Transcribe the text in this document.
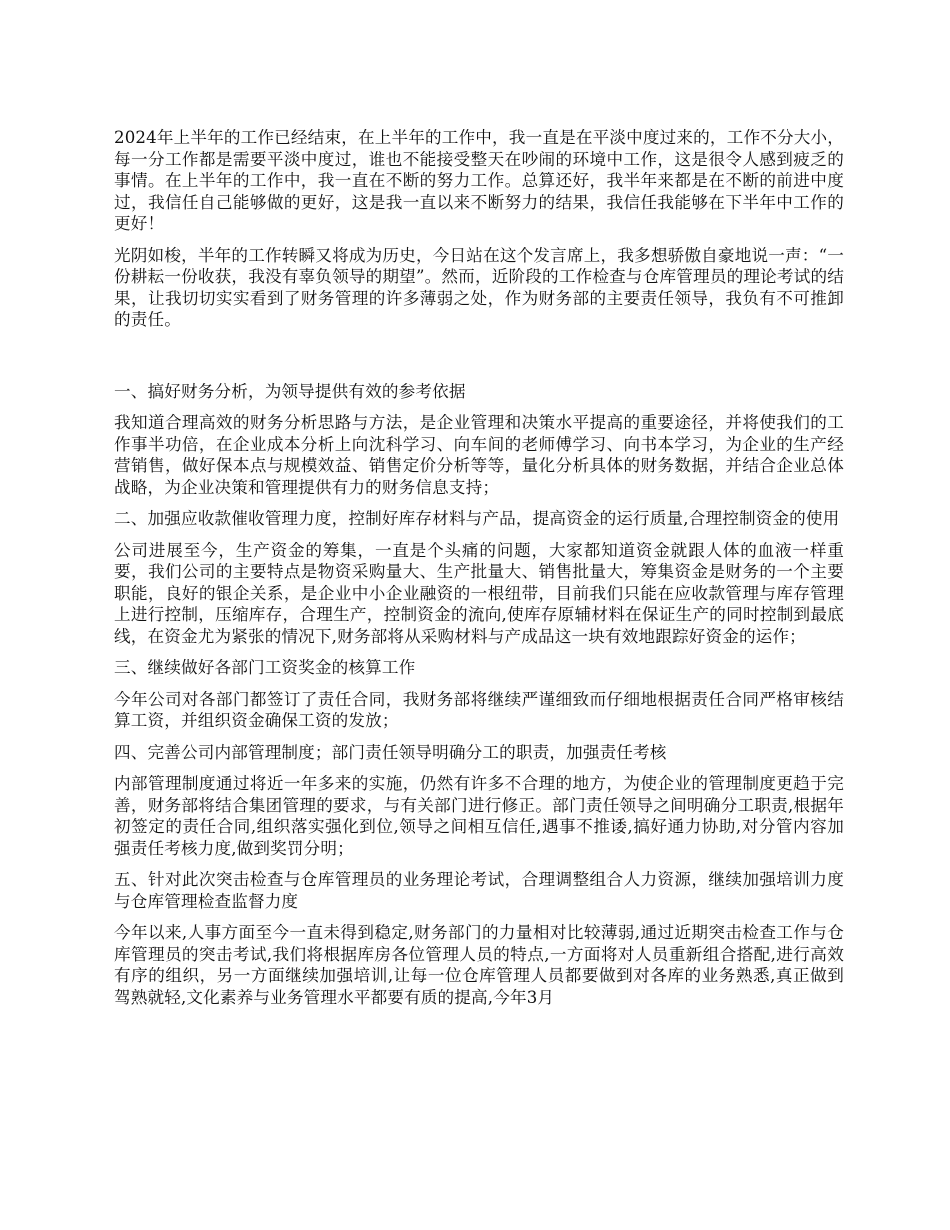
2024年上半年的工作已经结束，在上半年的工作中，我一直是在平淡中度过来的，工作不分大小，每一分工作都是需要平淡中度过，谁也不能接受整天在吵闹的环境中工作，这是很令人感到疲乏的事情。在上半年的工作中，我一直在不断的努力工作。总算还好，我半年来都是在不断的前进中度过，我信任自己能够做的更好，这是我一直以来不断努力的结果，我信任我能够在下半年中工作的更好！

光阴如梭，半年的工作转瞬又将成为历史，今日站在这个发言席上，我多想骄傲自豪地说一声：“一份耕耘一份收获，我没有辜负领导的期望”。然而，近阶段的工作检查与仓库管理员的理论考试的结果，让我切切实实看到了财务管理的许多薄弱之处，作为财务部的主要责任领导，我负有不可推卸的责任。

一、搞好财务分析，为领导提供有效的参考依据

我知道合理高效的财务分析思路与方法，是企业管理和决策水平提高的重要途径，并将使我们的工作事半功倍，在企业成本分析上向沈科学习、向车间的老师傅学习、向书本学习，为企业的生产经营销售，做好保本点与规模效益、销售定价分析等等，量化分析具体的财务数据，并结合企业总体战略，为企业决策和管理提供有力的财务信息支持；

二、加强应收款催收管理力度，控制好库存材料与产品，提高资金的运行质量,合理控制资金的使用

公司进展至今，生产资金的筹集，一直是个头痛的问题，大家都知道资金就跟人体的血液一样重要，我们公司的主要特点是物资采购量大、生产批量大、销售批量大，筹集资金是财务的一个主要职能，良好的银企关系，是企业中小企业融资的一根纽带，目前我们只能在应收款管理与库存管理上进行控制，压缩库存，合理生产，控制资金的流向,使库存原辅材料在保证生产的同时控制到最底线，在资金尤为紧张的情况下,财务部将从采购材料与产成品这一块有效地跟踪好资金的运作；

三、继续做好各部门工资奖金的核算工作

今年公司对各部门都签订了责任合同，我财务部将继续严谨细致而仔细地根据责任合同严格审核结算工资，并组织资金确保工资的发放；

四、完善公司内部管理制度；部门责任领导明确分工的职责，加强责任考核

内部管理制度通过将近一年多来的实施，仍然有许多不合理的地方，为使企业的管理制度更趋于完善，财务部将结合集团管理的要求，与有关部门进行修正。部门责任领导之间明确分工职责,根据年初签定的责任合同,组织落实强化到位,领导之间相互信任,遇事不推诿,搞好通力协助,对分管内容加强责任考核力度,做到奖罚分明；

五、针对此次突击检查与仓库管理员的业务理论考试，合理调整组合人力资源，继续加强培训力度与仓库管理检查监督力度

今年以来,人事方面至今一直未得到稳定,财务部门的力量相对比较薄弱,通过近期突击检查工作与仓库管理员的突击考试,我们将根据库房各位管理人员的特点,一方面将对人员重新组合搭配,进行高效有序的组织，另一方面继续加强培训,让每一位仓库管理人员都要做到对各库的业务熟悉,真正做到驾熟就轻,文化素养与业务管理水平都要有质的提高,今年3月
